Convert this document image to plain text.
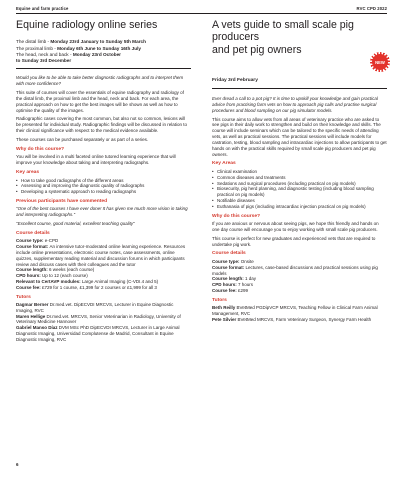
Equine and farm practice	RVC CPD 2022
Equine radiology online series

The distal limb - Monday 23rd January to Sunday 5th March

The proximal limb - Monday 6th June to Sunday 16th July

The head, neck and back - Monday 23rd October

to Sunday 3rd December

Would you like to be able to take better diagnostic radiographs and to interpret them with more confidence?

This suite of courses will cover the essentials of equine radiography and radiology of the distal limb, the proximal limb and the head, neck and back. For each area, the practical approach on how to get the best images will be shown as well as how to optimise the quality of the images.

Radiographic cases covering the most common, but also not so common, lesions will be presented for individual study. Radiographic findings will be discussed in relation to their clinical significance with respect to the medical evidence available.

These courses can be purchased separately or as part of a series.

Why do this course?

You will be involved in a multi faceted online tutored learning experience that will improve your knowledge about taking and interpreting radiographs.

Key areas
• How to take good radiographs of the different areas
• Assessing and improving the diagnostic quality of radiographs
• Developing a systematic approach to reading radiographs
Previous participants have commented

"One of the best courses I have ever done! It has given me much more vision in taking and interpreting radiographs."

"Excellent course, good material, excellent teaching quality"

Course details

Course type: e-CPD

Course format: An intensive tutor-moderated online learning experience. Resources include online presentations, electronic course notes, case assessments, online quizzes, supplementary reading material and discussion forums in which participants review and discuss cases with their colleagues and the tutor

Course length: 6 weeks (each course)

CPD hours: Up to 12 (each course)

Relevant to CertAVP modules: Large Animal Imaging (C-VDI.4 and 5)

Course fee: £729 for 1 course, £1,399 for 2 courses or £1,999 for all 3

Tutors

Dagmar Berner Dr.med.vet. DipECVDI MRCVS, Lecturer in Equine Diagnostic Imaging, RVC

Maren Hellige Dr.med.vet. MRCVS, Senior Veterinarian in Radiology, University of Veterinary Medicine Hannover

Gabriel Manso Díaz DVM MSc PhD DipECVDI MRCVS, Lecturer in Large Animal Diagnostic Imaging, Universidad Complutense de Madrid, Consultant in Equine Diagnostic Imaging, RVC

A vets guide to small scale pig producers
and pet pig owners

Friday 3rd February

Ever dread a call to a pot pig? It is time to upskill your knowledge and gain practical advice from practising farm vets on how to approach pig calls and practise surgical procedures and blood sampling on our pig simulator models.

This course aims to allow vets from all areas of veterinary practice who are asked to see pigs in their daily work to strengthen and build on their knowledge and skills. The course will include seminars which can be tailored to the specific needs of attending vets, as well as practical sessions. The practical sessions will include models for castration, testing, blood sampling and intracardiac injections to allow participants to get hands on with the practical skills required by small scale pig producers and pet pig owners.

Key Areas
• Clinical examination
• Common diseases and treatments
• Sedations and surgical procedures (including practical on pig models)
• Biosecurity, pig herd planning, and diagnostic testing (including blood sampling practical on pig models)
• Notifiable diseases
• Euthanasia of pigs (including intracardiac injection practical on pig models)
Why do this course?

If you are anxious or nervous about seeing pigs, we hope this friendly and hands on one day course will encourage you to enjoy working with small scale pig producers.

This course is perfect for new graduates and experienced vets that are required to undertake pig work.

Course details

Course type: Onsite

Course format: Lectures, case-based discussions and practical sessions using pig models

Course length: 1 day

CPD hours: 7 hours

Course fee: £299

Tutors

Beth Reilly BVetMed PGDipVCP MRCVS, Teaching Fellow in Clinical Farm Animal Management, RVC

Pete Silvier BVetMed MRCVS, Farm Veterinary Surgeon, Synergy Farm Health

NEW
6
